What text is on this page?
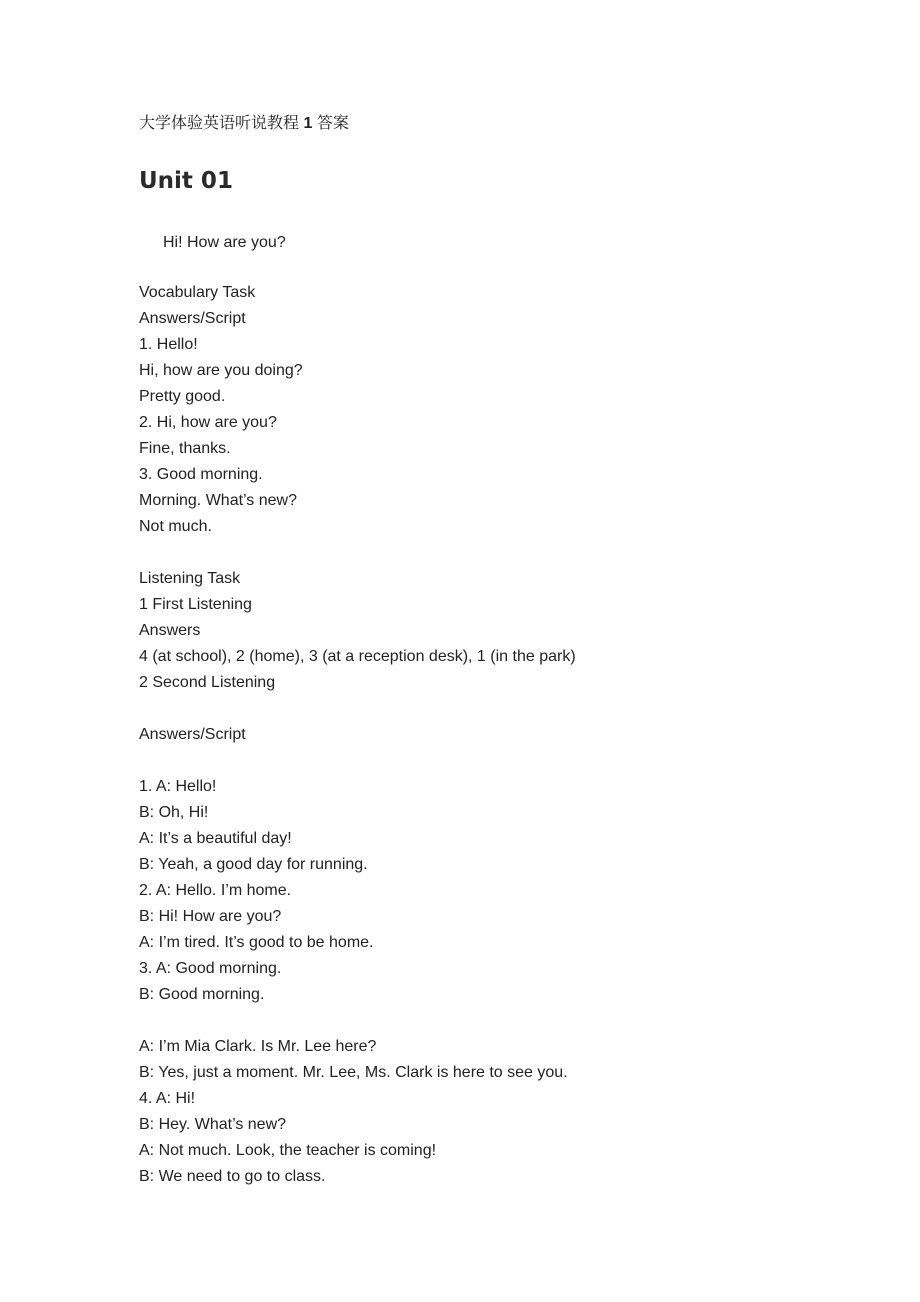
大学体验英语听说教程 1 答案
Unit 01
Hi! How are you?
Vocabulary Task
Answers/Script
1. Hello!
Hi, how are you doing?
Pretty good.
2. Hi, how are you?
Fine, thanks.
3. Good morning.
Morning. What’s new?
Not much.
Listening Task
1 First Listening
Answers
4 (at school), 2 (home), 3 (at a reception desk), 1 (in the park)
2 Second Listening
Answers/Script
1. A: Hello!
B: Oh, Hi!
A: It’s a beautiful day!
B: Yeah, a good day for running.
2. A: Hello. I’m home.
B: Hi! How are you?
A: I’m tired. It’s good to be home.
3. A: Good morning.
B: Good morning.
A: I’m Mia Clark. Is Mr. Lee here?
B: Yes, just a moment. Mr. Lee, Ms. Clark is here to see you.
4. A: Hi!
B: Hey. What’s new?
A: Not much. Look, the teacher is coming!
B: We need to go to class.
